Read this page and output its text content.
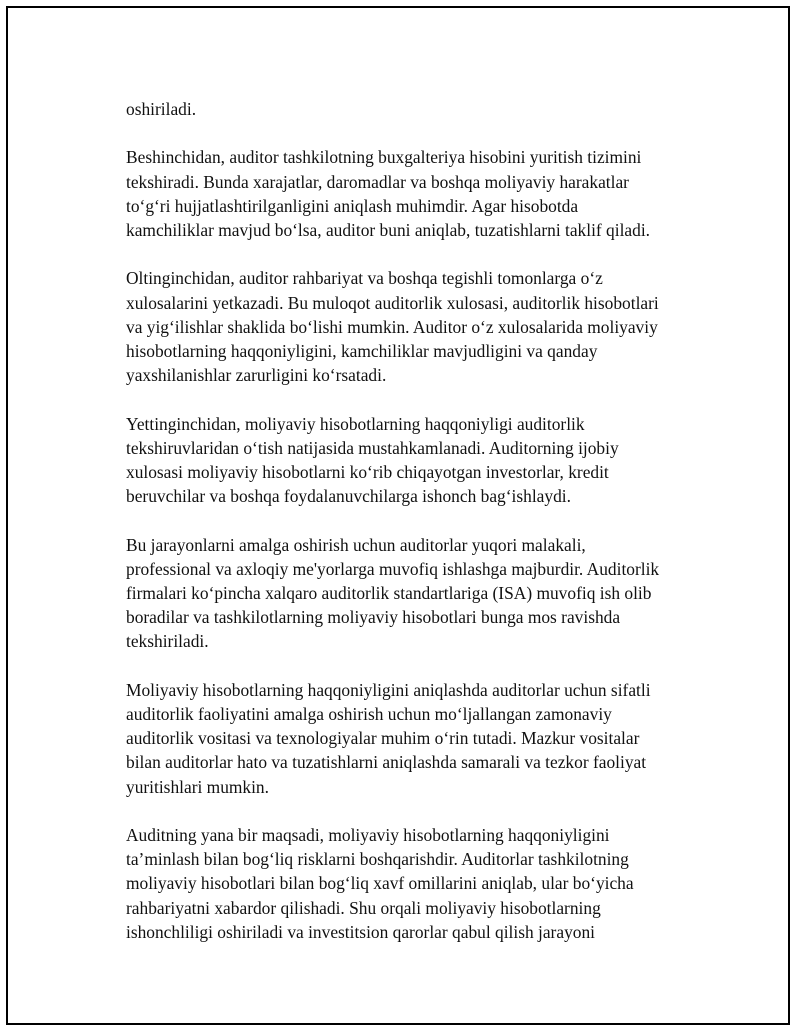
oshiriladi.

Beshinchidan, auditor tashkilotning buxgalteriya hisobini yuritish tizimini
tekshiradi. Bunda xarajatlar, daromadlar va boshqa moliyaviy harakatlar
to‘g‘ri hujjatlashtirilganligini aniqlash muhimdir. Agar hisobotda
kamchiliklar mavjud bo‘lsa, auditor buni aniqlab, tuzatishlarni taklif qiladi.

Oltinginchidan, auditor rahbariyat va boshqa tegishli tomonlarga o‘z
xulosalarini yetkazadi. Bu muloqot auditorlik xulosasi, auditorlik hisobotlari
va yig‘ilishlar shaklida bo‘lishi mumkin. Auditor o‘z xulosalarida moliyaviy
hisobotlarning haqqoniyligini, kamchiliklar mavjudligini va qanday
yaxshilanishlar zarurligini ko‘rsatadi.

Yettinginchidan, moliyaviy hisobotlarning haqqoniyligi auditorlik
tekshiruvlaridan o‘tish natijasida mustahkamlanadi. Auditorning ijobiy
xulosasi moliyaviy hisobotlarni ko‘rib chiqayotgan investorlar, kredit
beruvchilar va boshqa foydalanuvchilarga ishonch bag‘ishlaydi.

Bu jarayonlarni amalga oshirish uchun auditorlar yuqori malakali,
professional va axloqiy me'yorlarga muvofiq ishlashga majburdir. Auditorlik
firmalari ko‘pincha xalqaro auditorlik standartlariga (ISA) muvofiq ish olib
boradilar va tashkilotlarning moliyaviy hisobotlari bunga mos ravishda
tekshiriladi.

Moliyaviy hisobotlarning haqqoniyligini aniqlashda auditorlar uchun sifatli
auditorlik faoliyatini amalga oshirish uchun mo‘ljallangan zamonaviy
auditorlik vositasi va texnologiyalar muhim o‘rin tutadi. Mazkur vositalar
bilan auditorlar hato va tuzatishlarni aniqlashda samarali va tezkor faoliyat
yuritishlari mumkin.

Auditning yana bir maqsadi, moliyaviy hisobotlarning haqqoniyligini
ta’minlash bilan bog‘liq risklarni boshqarishdir. Auditorlar tashkilotning
moliyaviy hisobotlari bilan bog‘liq xavf omillarini aniqlab, ular bo‘yicha
rahbariyatni xabardor qilishadi. Shu orqali moliyaviy hisobotlarning
ishonchliligi oshiriladi va investitsion qarorlar qabul qilish jarayoni
